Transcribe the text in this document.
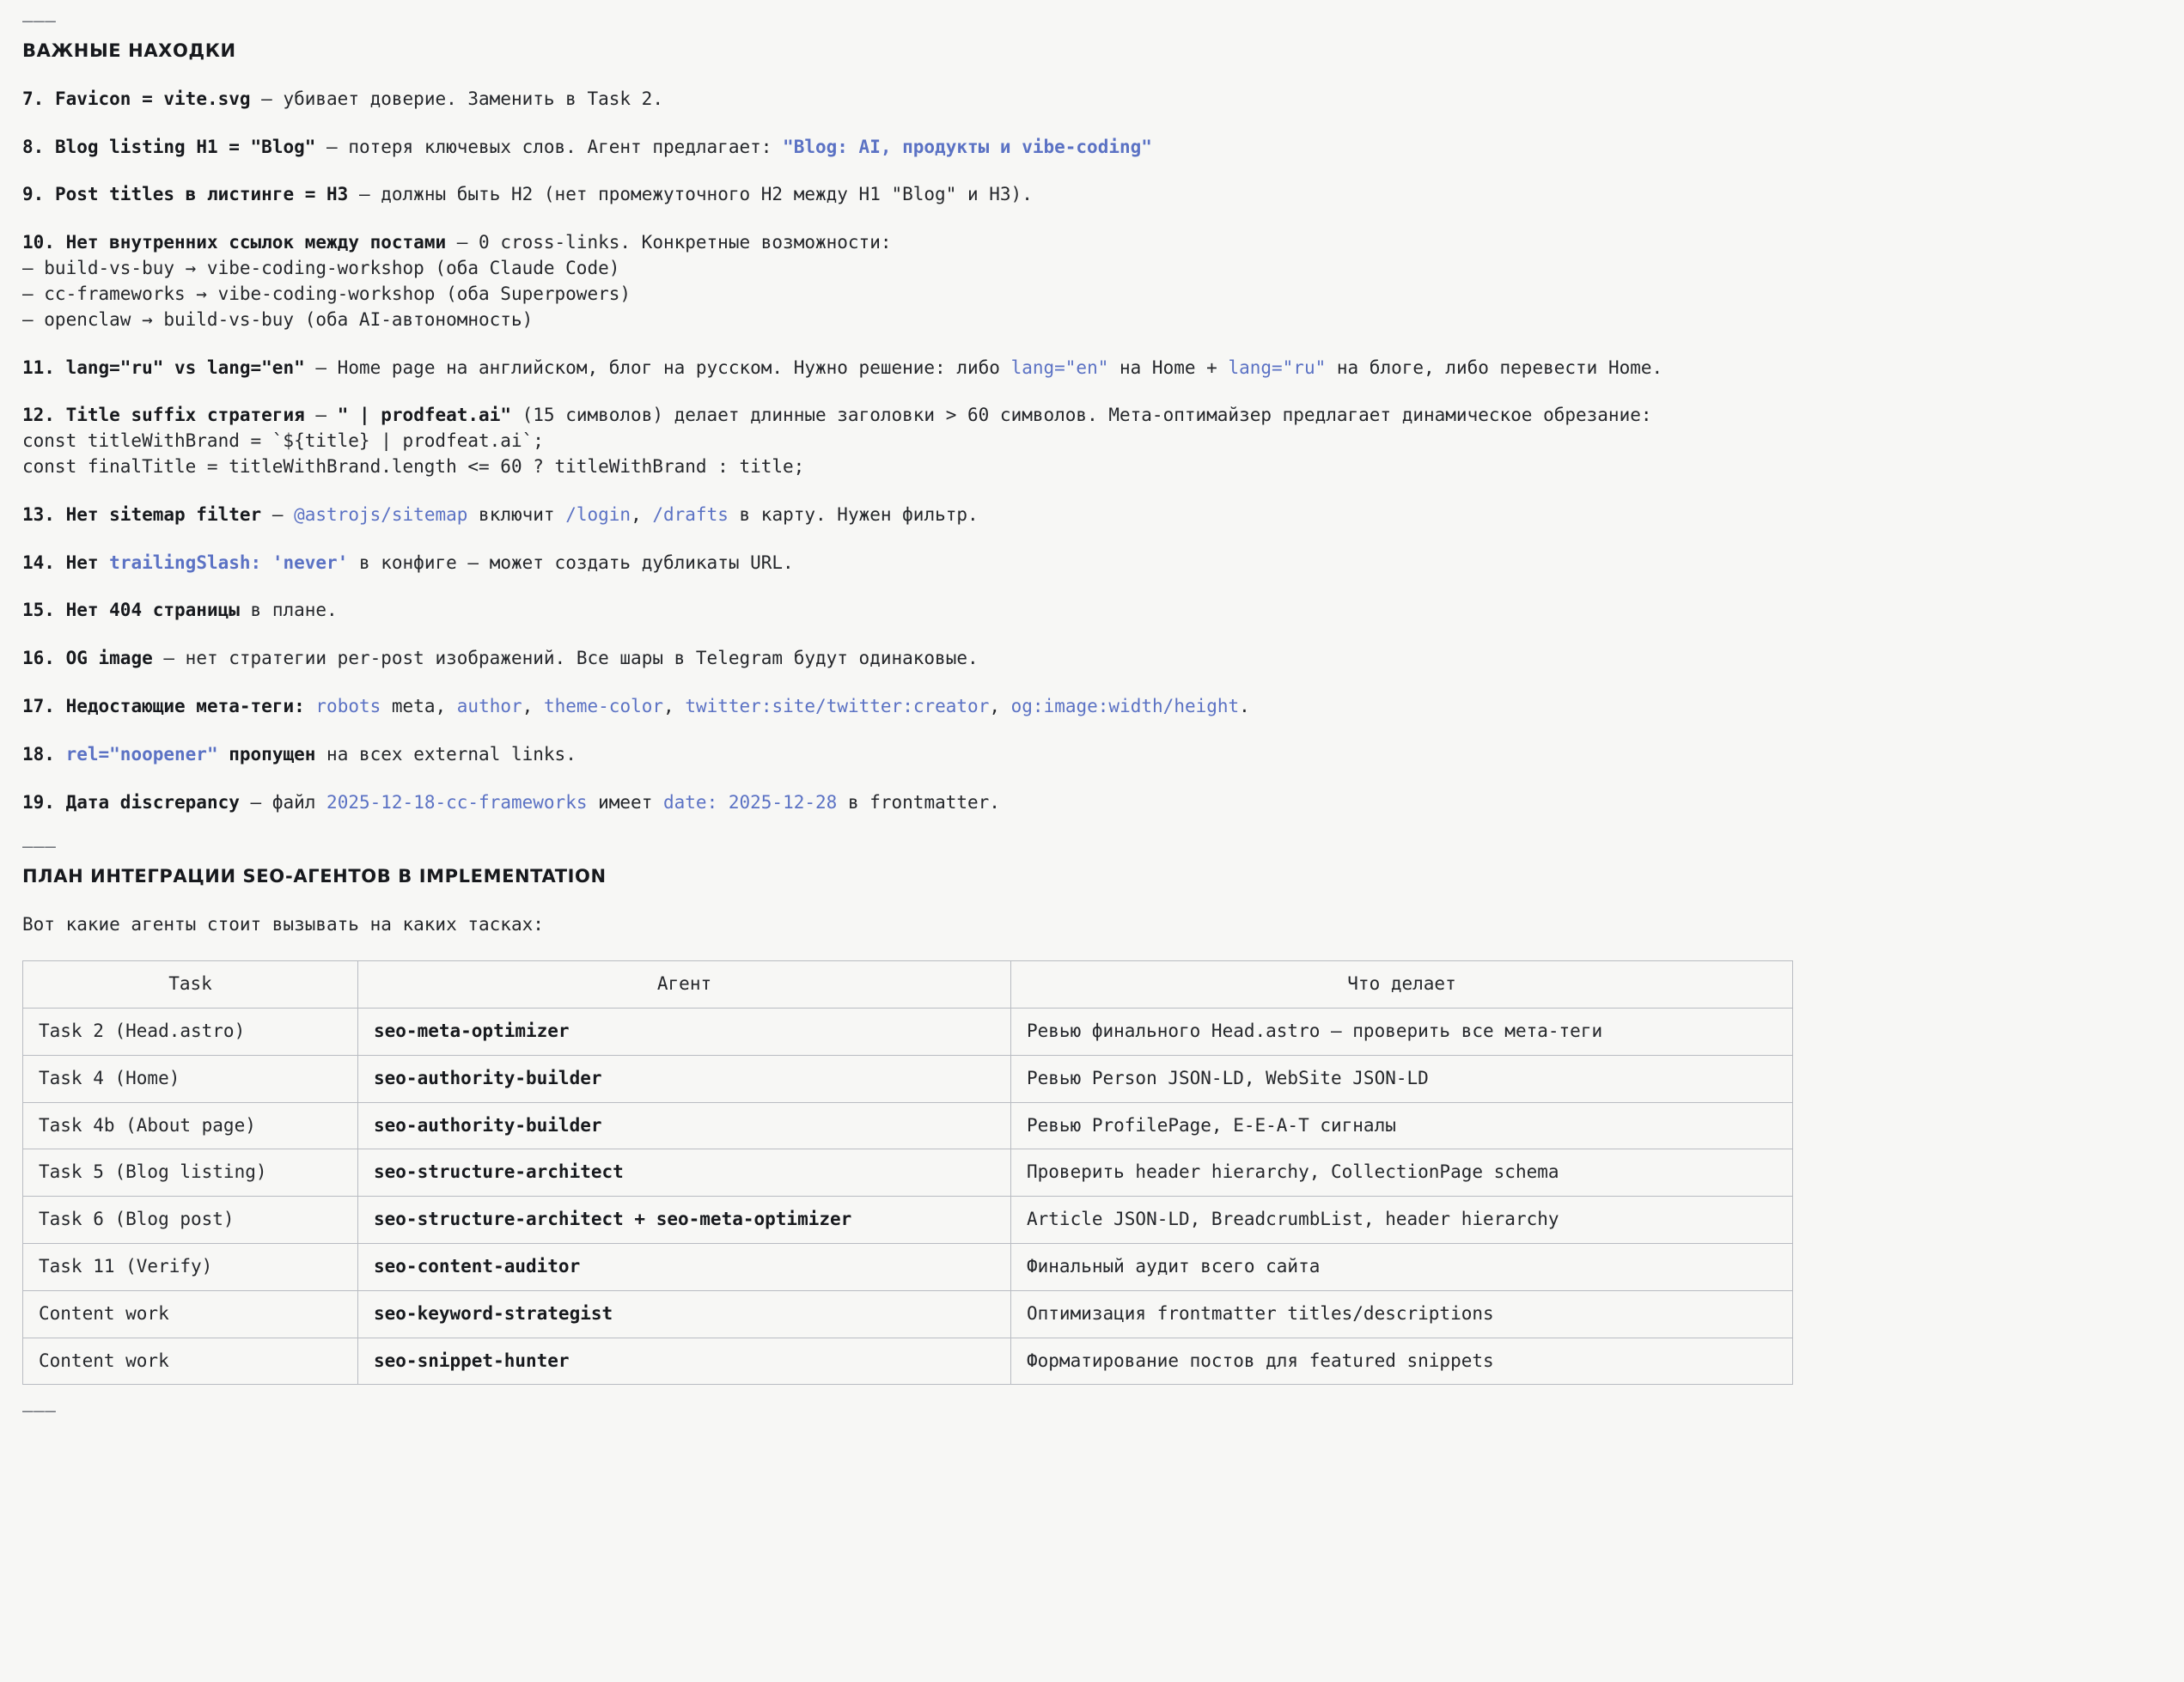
———
ВАЖНЫЕ НАХОДКИ

7. Favicon = vite.svg — убивает доверие. Заменить в Task 2.

8. Blog listing H1 = "Blog" — потеря ключевых слов. Агент предлагает: "Blog: AI, продукты и vibe-coding"

9. Post titles в листинге = H3 — должны быть H2 (нет промежуточного H2 между H1 "Blog" и H3).

10. Нет внутренних ссылок между постами — 0 cross-links. Конкретные возможности:
— build-vs-buy → vibe-coding-workshop (оба Claude Code)
— cc-frameworks → vibe-coding-workshop (оба Superpowers)
— openclaw → build-vs-buy (оба AI-автономность)

11. lang="ru" vs lang="en" — Home page на английском, блог на русском. Нужно решение: либо lang="en" на Home + lang="ru" на блоге, либо перевести Home.

12. Title suffix стратегия — " | prodfeat.ai" (15 символов) делает длинные заголовки > 60 символов. Мета-оптимайзер предлагает динамическое обрезание:
const titleWithBrand = `${title} | prodfeat.ai`;
const finalTitle = titleWithBrand.length <= 60 ? titleWithBrand : title;

13. Нет sitemap filter — @astrojs/sitemap включит /login, /drafts в карту. Нужен фильтр.

14. Нет trailingSlash: 'never' в конфиге — может создать дубликаты URL.

15. Нет 404 страницы в плане.

16. OG image — нет стратегии per-post изображений. Все шары в Telegram будут одинаковые.

17. Недостающие мета-теги: robots meta, author, theme-color, twitter:site/twitter:creator, og:image:width/height.

18. rel="noopener" пропущен на всех external links.

19. Дата discrepancy — файл 2025-12-18-cc-frameworks имеет date: 2025-12-28 в frontmatter.

———
ПЛАН ИНТЕГРАЦИИ SEO-АГЕНТОВ В IMPLEMENTATION

Вот какие агенты стоит вызывать на каких тасках:

Task	Агент	Что делает
Task 2 (Head.astro)	seo-meta-optimizer	Ревью финального Head.astro — проверить все мета-теги
Task 4 (Home)	seo-authority-builder	Ревью Person JSON-LD, WebSite JSON-LD
Task 4b (About page)	seo-authority-builder	Ревью ProfilePage, E-E-A-T сигналы
Task 5 (Blog listing)	seo-structure-architect	Проверить header hierarchy, CollectionPage schema
Task 6 (Blog post)	seo-structure-architect + seo-meta-optimizer	Article JSON-LD, BreadcrumbList, header hierarchy
Task 11 (Verify)	seo-content-auditor	Финальный аудит всего сайта
Content work	seo-keyword-strategist	Оптимизация frontmatter titles/descriptions
Content work	seo-snippet-hunter	Форматирование постов для featured snippets
———
